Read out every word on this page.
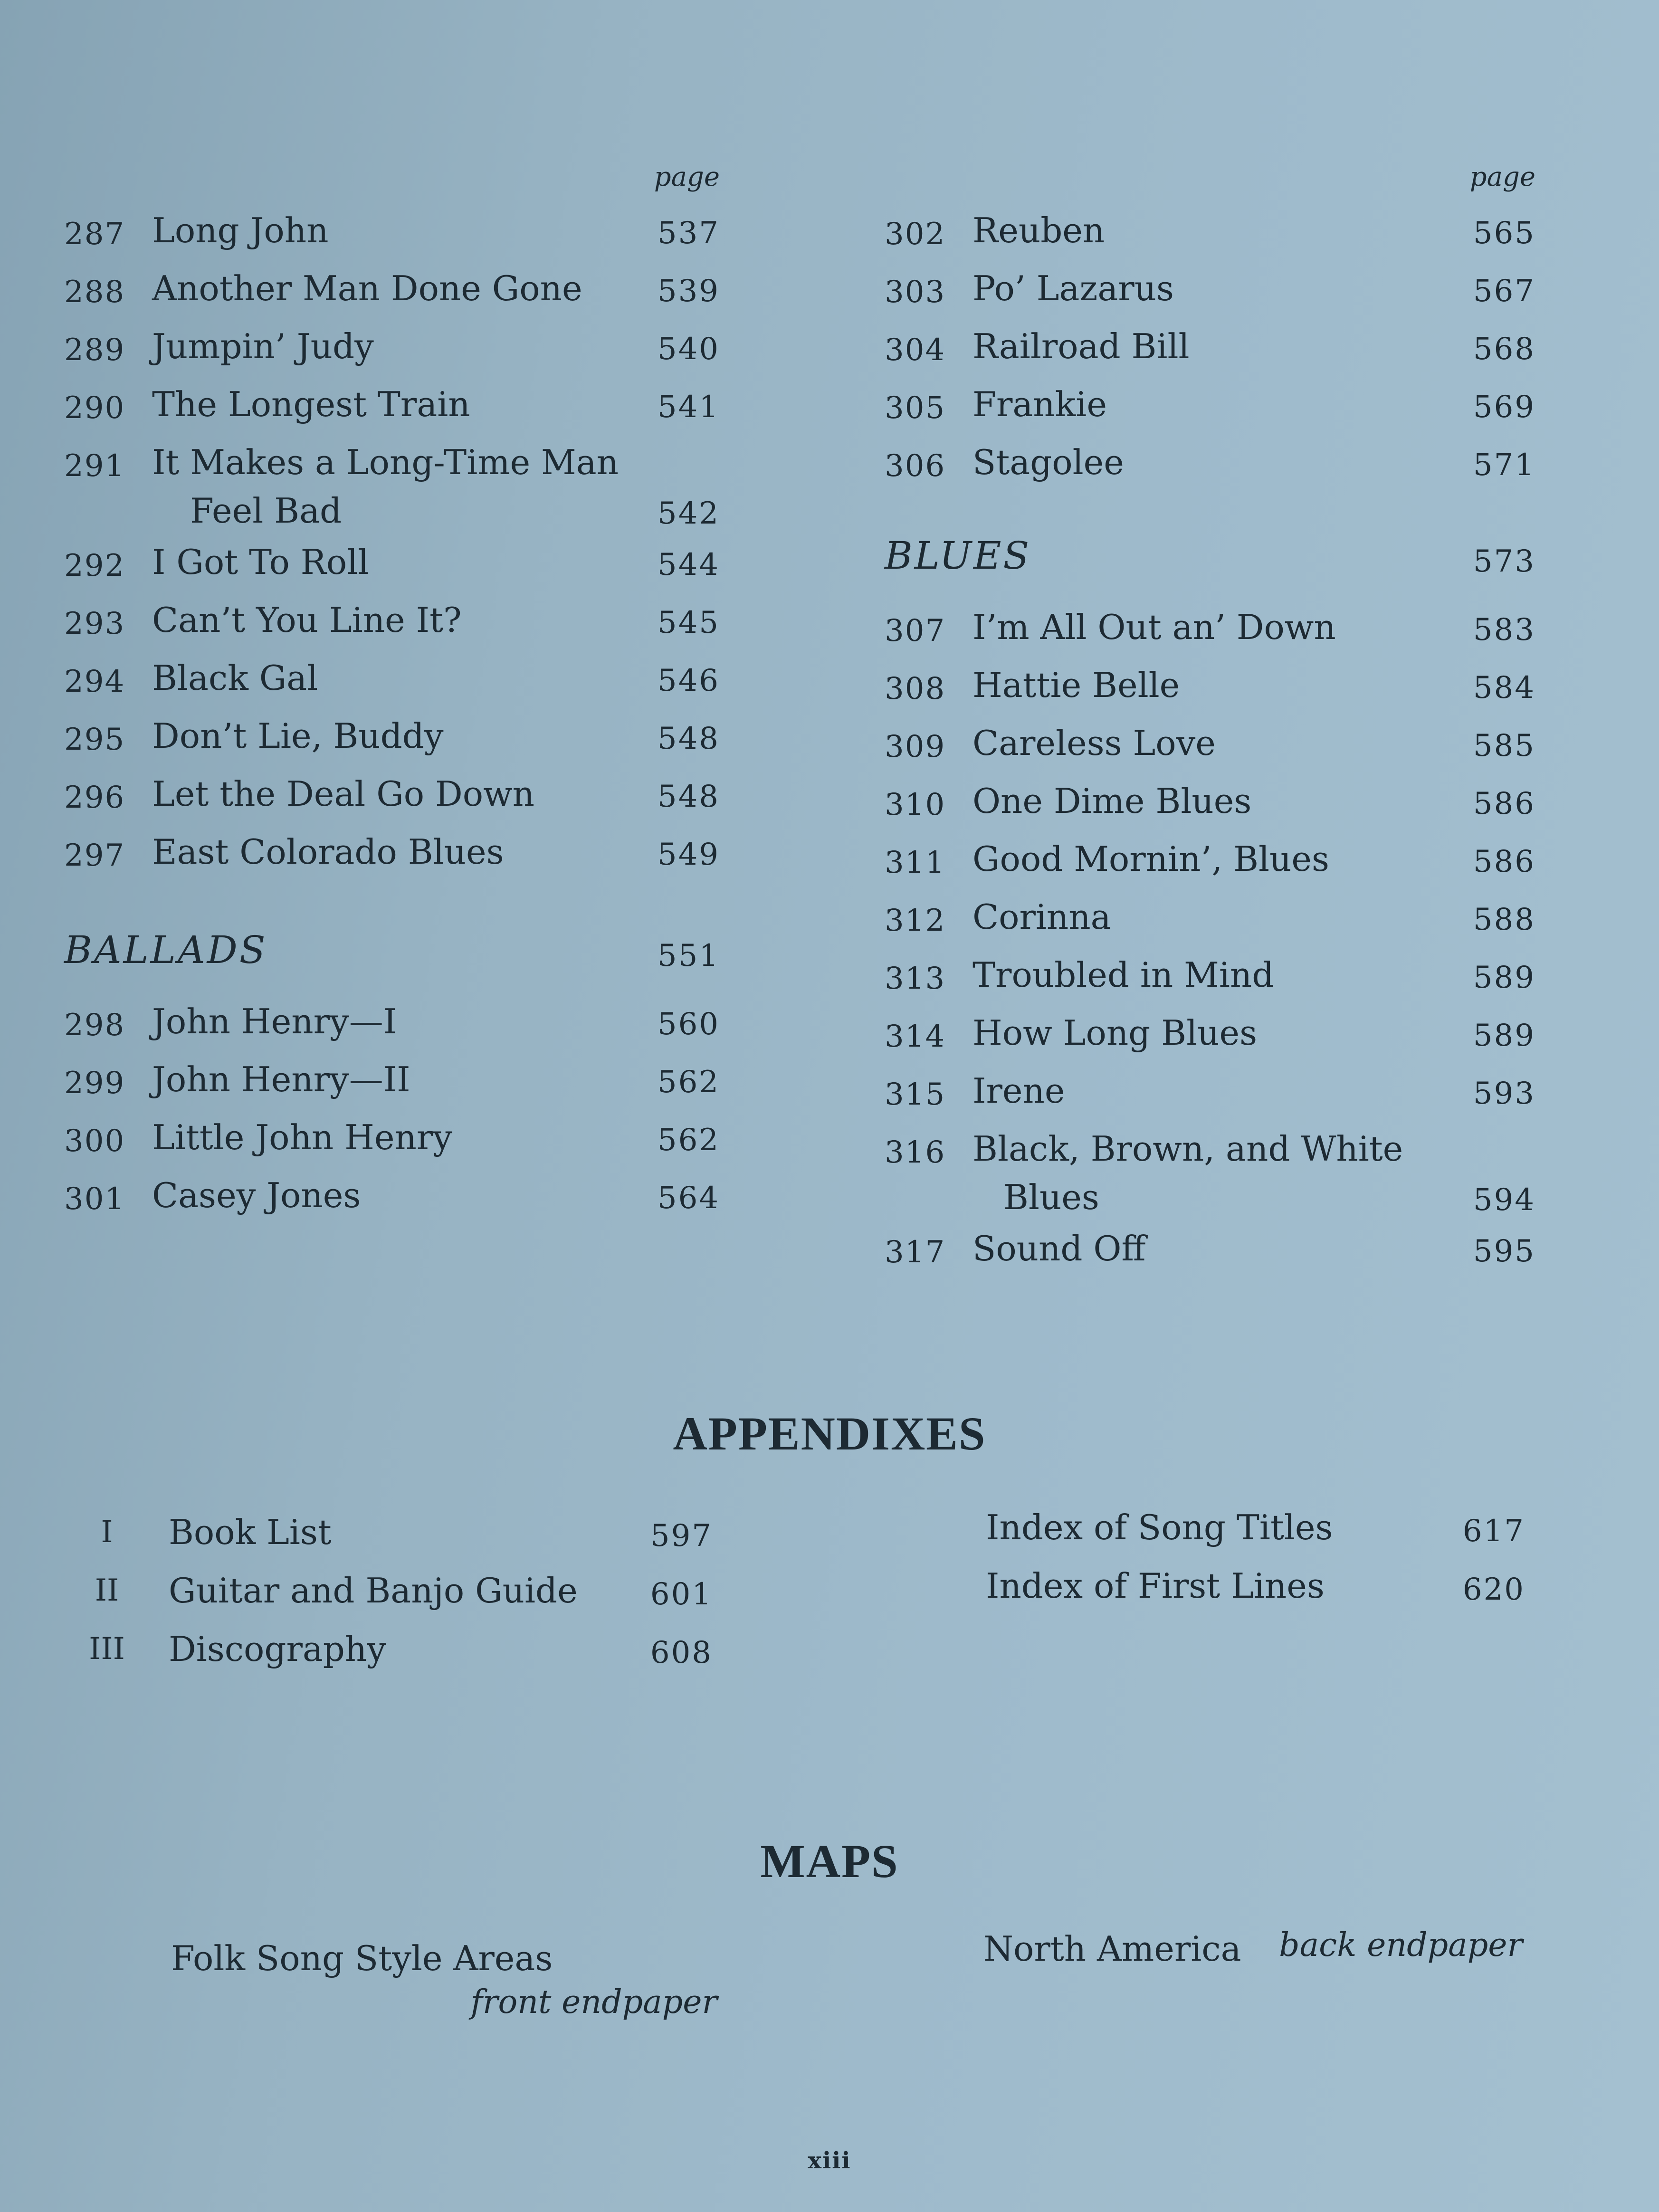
page
287 Long John	537
288 Another Man Done Gone 539
289 Jumpin’ Judy	540
290 The Longest Train	541
291 It Makes a Long-Time Man
Feel Bad	542
292 I Got To Roll	544
293 Can’t You Line It?	545
294 Black Gal	546
295 Don’t Lie, Buddy	548
296 Let the Deal Go Down	548
297 East Colorado Blues	549
BALLADS	551
298 John Henry—I	560
299 John Henry—II	562
300 Little John Henry	562
301 Casey Jones	564
page
302 Reuben	565
303 Po’ Lazarus	567
304 Railroad Bill	568
305 Frankie	569
306 Stagolee	571
BLUES	573
307 I’m All Out an’ Down	583
308 Hattie Belle	584
309 Careless Love	585
310 One Dime Blues	586
311 Good Mornin’, Blues	586
312 Corinna	588
313 Troubled in Mind	589
314 How Long Blues	589
315 Irene	593
316 Black, Brown, and White
Blues	594
317 Sound Off	595
APPENDIXES
I	Book List	597
II	Guitar and Banjo Guide 601
III Discography	608
Index of Song Titles	617
Index of First Lines	620
MAPS
Folk Song Style Areas
front endpaper
North America back endpaper
xiii
